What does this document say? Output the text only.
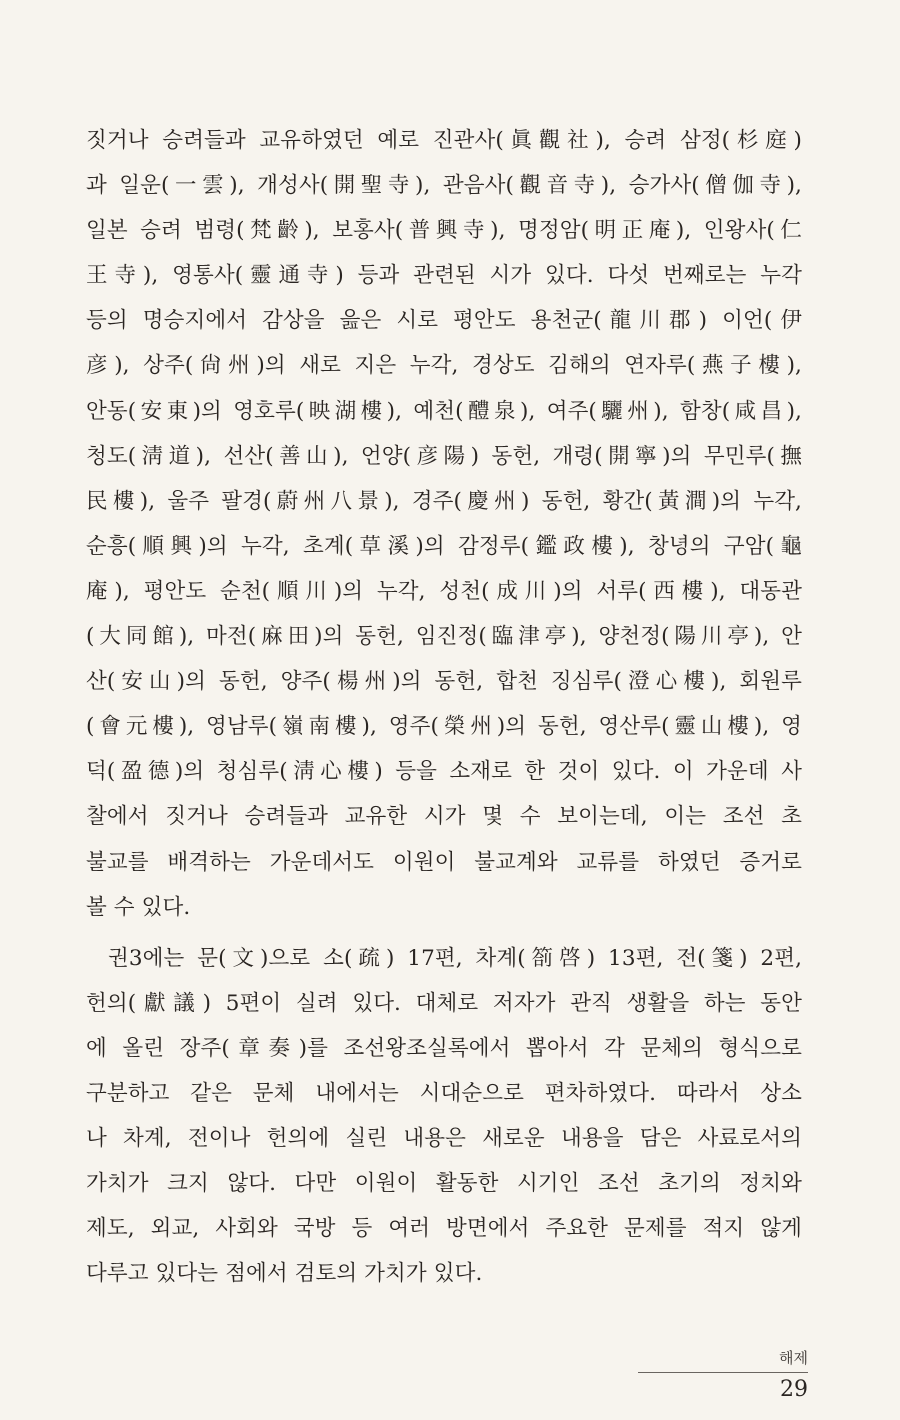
짓거나 승려들과 교유하였던 예로 진관사(眞觀社), 승려 삼정(杉庭)
과 일운(一雲), 개성사(開聖寺), 관음사(觀音寺), 승가사(僧伽寺),
일본 승려 범령(梵齡), 보홍사(普興寺), 명정암(明正庵), 인왕사(仁
王寺), 영통사(靈通寺) 등과 관련된 시가 있다. 다섯 번째로는 누각
등의 명승지에서 감상을 읊은 시로 평안도 용천군(龍川郡) 이언(伊
彦), 상주(尙州)의 새로 지은 누각, 경상도 김해의 연자루(燕子樓),
안동(安東)의 영호루(映湖樓), 예천(醴泉), 여주(驪州), 함창(咸昌),
청도(淸道), 선산(善山), 언양(彦陽) 동헌, 개령(開寧)의 무민루(撫
民樓), 울주 팔경(蔚州八景), 경주(慶州) 동헌, 황간(黃澗)의 누각,
순흥(順興)의 누각, 초계(草溪)의 감정루(鑑政樓), 창녕의 구암(龜
庵), 평안도 순천(順川)의 누각, 성천(成川)의 서루(西樓), 대동관
(大同館), 마전(麻田)의 동헌, 임진정(臨津亭), 양천정(陽川亭), 안
산(安山)의 동헌, 양주(楊州)의 동헌, 합천 징심루(澄心樓), 회원루
(會元樓), 영남루(嶺南樓), 영주(榮州)의 동헌, 영산루(靈山樓), 영
덕(盈德)의 청심루(淸心樓) 등을 소재로 한 것이 있다. 이 가운데 사
찰에서 짓거나 승려들과 교유한 시가 몇 수 보이는데, 이는 조선 초
불교를 배격하는 가운데서도 이원이 불교계와 교류를 하였던 증거로
볼 수 있다.

권3에는 문(文)으로 소(疏) 17편, 차계(箚啓) 13편, 전(箋) 2편,
헌의(獻議) 5편이 실려 있다. 대체로 저자가 관직 생활을 하는 동안
에 올린 장주(章奏)를 조선왕조실록에서 뽑아서 각 문체의 형식으로
구분하고 같은 문체 내에서는 시대순으로 편차하였다. 따라서 상소
나 차계, 전이나 헌의에 실린 내용은 새로운 내용을 담은 사료로서의
가치가 크지 않다. 다만 이원이 활동한 시기인 조선 초기의 정치와
제도, 외교, 사회와 국방 등 여러 방면에서 주요한 문제를 적지 않게
다루고 있다는 점에서 검토의 가치가 있다.

해제
29
